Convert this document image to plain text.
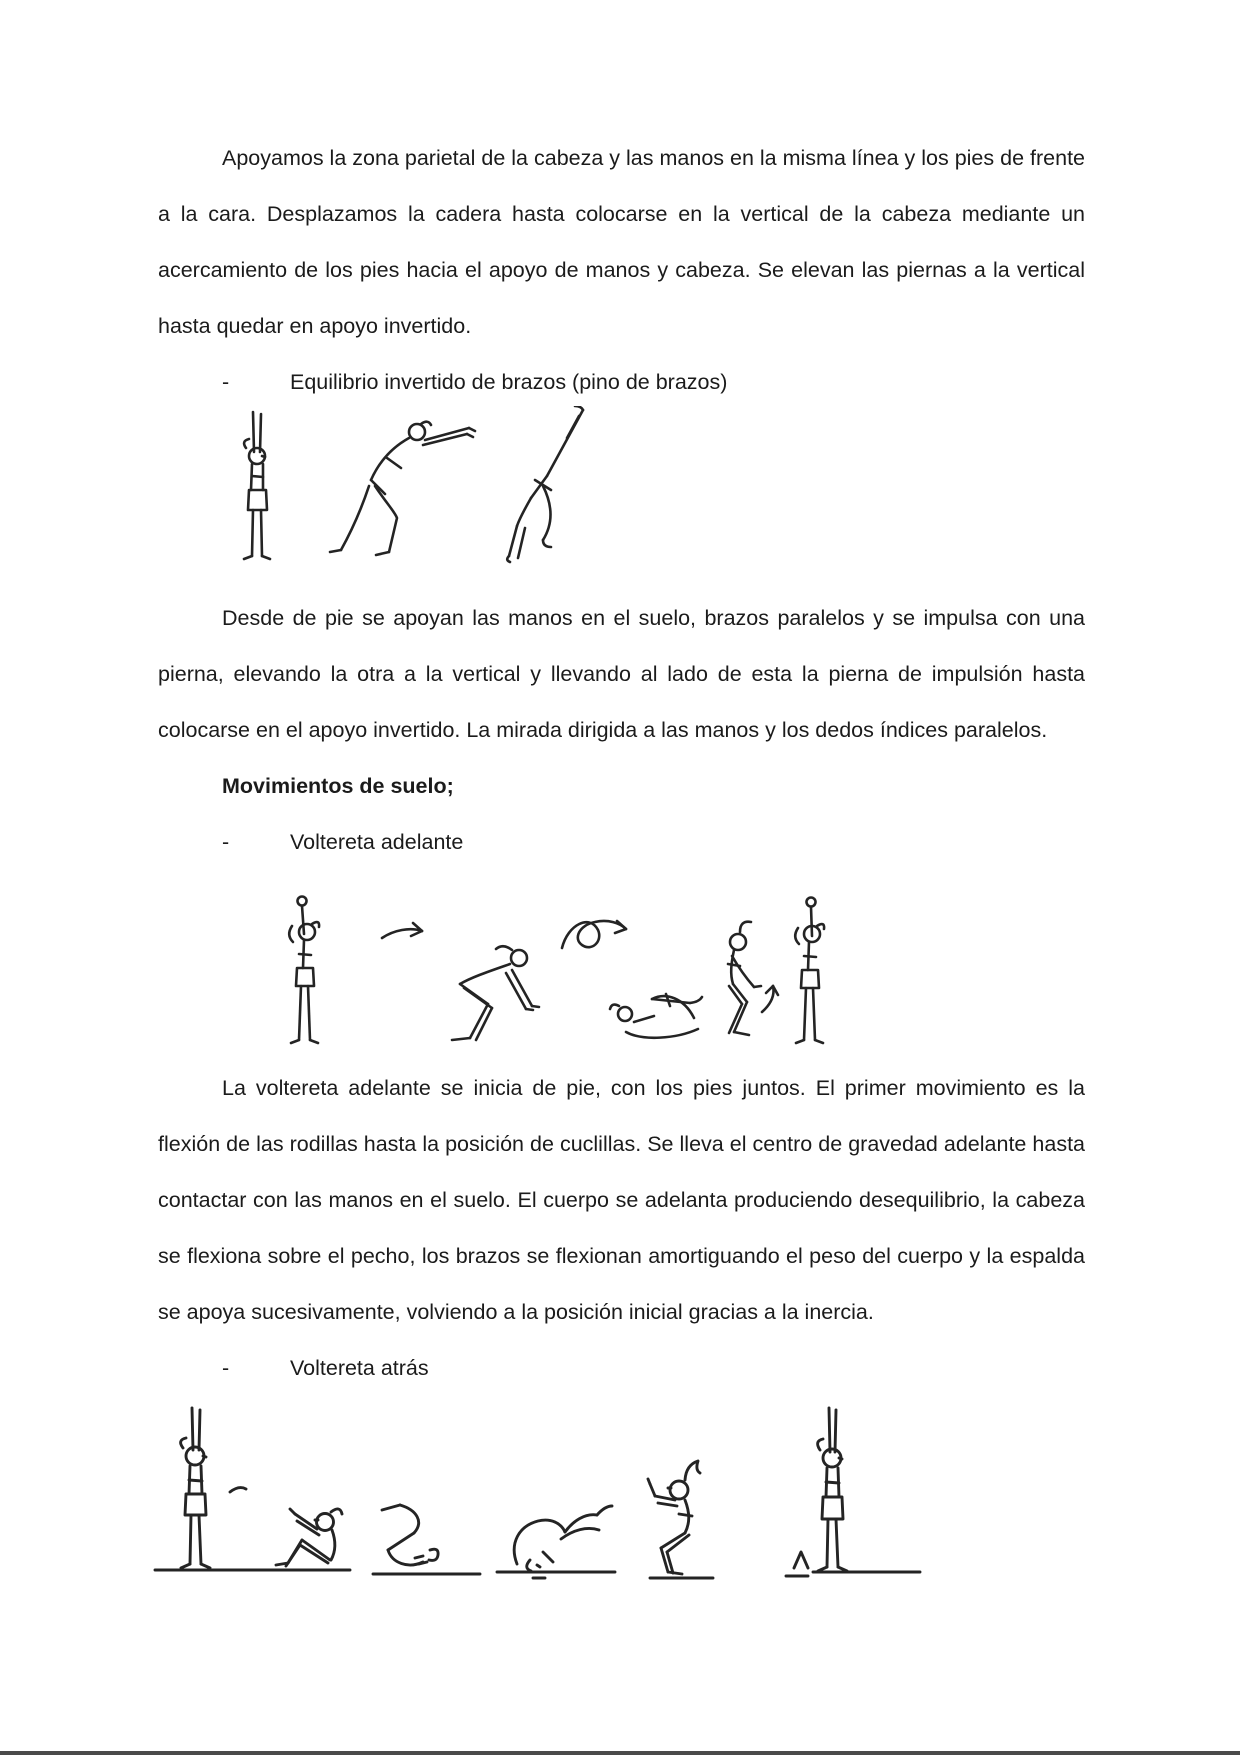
Apoyamos la zona parietal de la cabeza y las manos en la misma línea y los pies de frente a la cara. Desplazamos la cadera hasta colocarse en la vertical de la cabeza mediante un acercamiento de los pies hacia el apoyo de manos y cabeza. Se elevan las piernas a la vertical hasta quedar en apoyo invertido.

-	Equilibrio invertido de brazos (pino de brazos)

Desde de pie se apoyan las manos en el suelo, brazos paralelos y se impulsa con una pierna, elevando la otra a la vertical y llevando al lado de esta la pierna de impulsión hasta colocarse en el apoyo invertido. La mirada dirigida a las manos y los dedos índices paralelos.

Movimientos de suelo;

-	Voltereta adelante

La voltereta adelante se inicia de pie, con los pies juntos. El primer movimiento es la flexión de las rodillas hasta la posición de cuclillas. Se lleva el centro de gravedad adelante hasta contactar con las manos en el suelo. El cuerpo se adelanta produciendo desequilibrio, la cabeza se flexiona sobre el pecho, los brazos se flexionan amortiguando el peso del cuerpo y la espalda se apoya sucesivamente, volviendo a la posición inicial gracias a la inercia.

-	Voltereta atrás
